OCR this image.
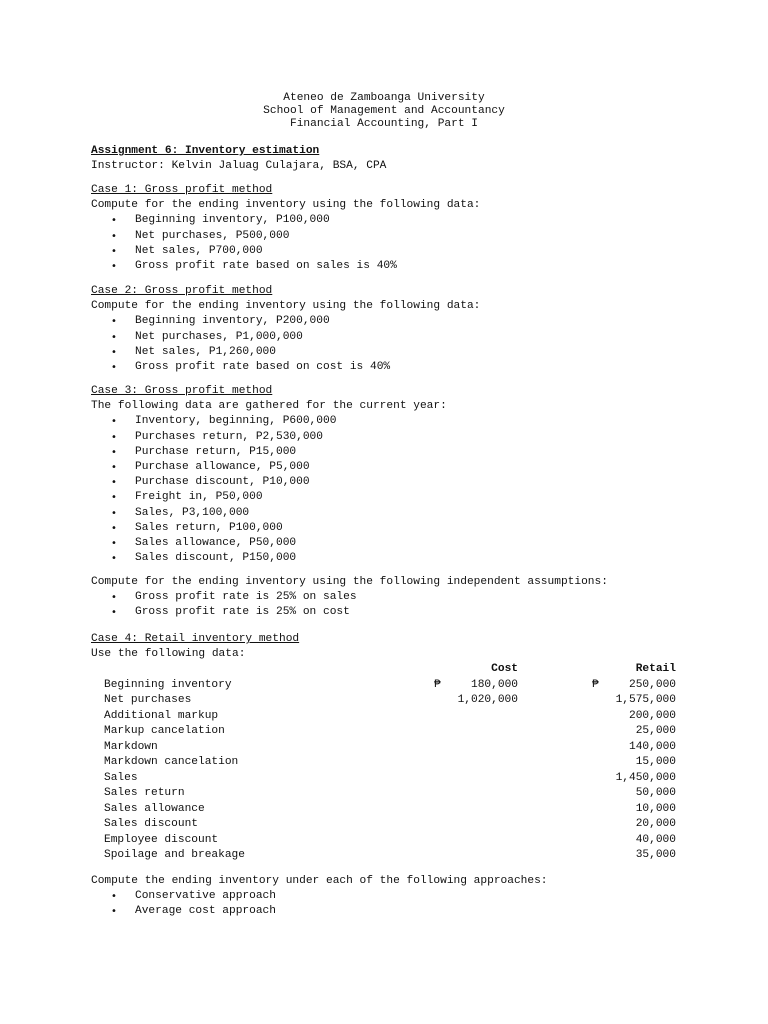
Ateneo de Zamboanga University
School of Management and Accountancy
Financial Accounting, Part I
Assignment 6: Inventory estimation
Instructor: Kelvin Jaluag Culajara, BSA, CPA
Case 1: Gross profit method
Compute for the ending inventory using the following data:
• Beginning inventory, P100,000
• Net purchases, P500,000
• Net sales, P700,000
• Gross profit rate based on sales is 40%
Case 2: Gross profit method
Compute for the ending inventory using the following data:
• Beginning inventory, P200,000
• Net purchases, P1,000,000
• Net sales, P1,260,000
• Gross profit rate based on cost is 40%
Case 3: Gross profit method
The following data are gathered for the current year:
• Inventory, beginning, P600,000
• Purchases return, P2,530,000
• Purchase return, P15,000
• Purchase allowance, P5,000
• Purchase discount, P10,000
• Freight in, P50,000
• Sales, P3,100,000
• Sales return, P100,000
• Sales allowance, P50,000
• Sales discount, P150,000
Compute for the ending inventory using the following independent assumptions:
• Gross profit rate is 25% on sales
• Gross profit rate is 25% on cost
Case 4: Retail inventory method
Use the following data:
		Cost			Retail
Beginning inventory	₱	180,000		₱	250,000
Net purchases		1,020,000			1,575,000
Additional markup					200,000
Markup cancelation					25,000
Markdown					140,000
Markdown cancelation					15,000
Sales					1,450,000
Sales return					50,000
Sales allowance					10,000
Sales discount					20,000
Employee discount					40,000
Spoilage and breakage					35,000
Compute the ending inventory under each of the following approaches:
• Conservative approach
• Average cost approach
